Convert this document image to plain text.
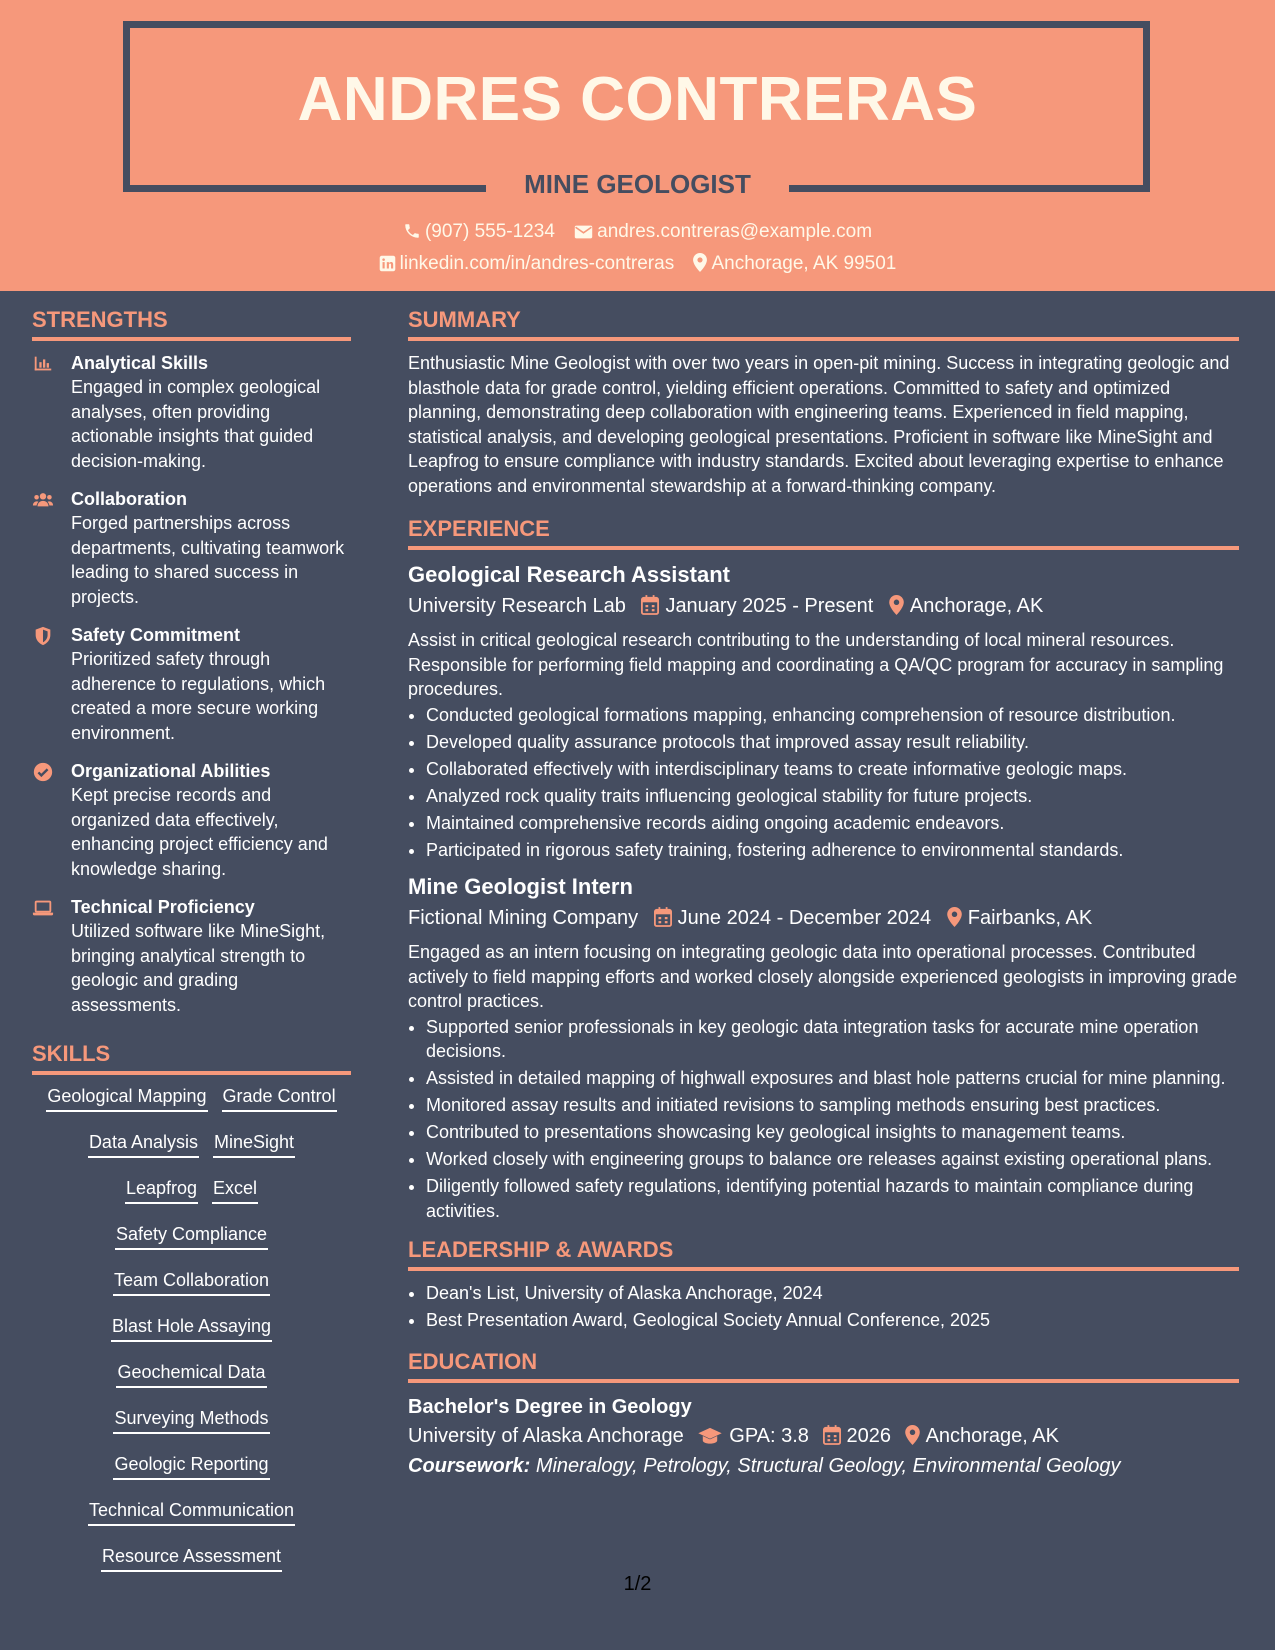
ANDRES CONTRERAS
MINE GEOLOGIST
(907) 555-1234 andres.contreras@example.com
linkedin.com/in/andres-contreras Anchorage, AK 99501
STRENGTHS
Analytical Skills
Engaged in complex geological analyses, often providing actionable insights that guided decision-making.
Collaboration
Forged partnerships across departments, cultivating teamwork leading to shared success in projects.
Safety Commitment
Prioritized safety through adherence to regulations, which created a more secure working environment.
Organizational Abilities
Kept precise records and organized data effectively, enhancing project efficiency and knowledge sharing.
Technical Proficiency
Utilized software like MineSight, bringing analytical strength to geologic and grading assessments.
SKILLS
Geological Mapping Grade Control
Data Analysis MineSight
Leapfrog Excel
Safety Compliance
Team Collaboration
Blast Hole Assaying
Geochemical Data
Surveying Methods
Geologic Reporting
Technical Communication
Resource Assessment
SUMMARY
Enthusiastic Mine Geologist with over two years in open-pit mining. Success in integrating geologic and blasthole data for grade control, yielding efficient operations. Committed to safety and optimized planning, demonstrating deep collaboration with engineering teams. Experienced in field mapping, statistical analysis, and developing geological presentations. Proficient in software like MineSight and Leapfrog to ensure compliance with industry standards. Excited about leveraging expertise to enhance operations and environmental stewardship at a forward-thinking company.
EXPERIENCE
Geological Research Assistant
University Research Lab January 2025 - Present Anchorage, AK
Assist in critical geological research contributing to the understanding of local mineral resources. Responsible for performing field mapping and coordinating a QA/QC program for accuracy in sampling procedures.
• Conducted geological formations mapping, enhancing comprehension of resource distribution.
• Developed quality assurance protocols that improved assay result reliability.
• Collaborated effectively with interdisciplinary teams to create informative geologic maps.
• Analyzed rock quality traits influencing geological stability for future projects.
• Maintained comprehensive records aiding ongoing academic endeavors.
• Participated in rigorous safety training, fostering adherence to environmental standards.
Mine Geologist Intern
Fictional Mining Company June 2024 - December 2024 Fairbanks, AK
Engaged as an intern focusing on integrating geologic data into operational processes. Contributed actively to field mapping efforts and worked closely alongside experienced geologists in improving grade control practices.
• Supported senior professionals in key geologic data integration tasks for accurate mine operation decisions.
• Assisted in detailed mapping of highwall exposures and blast hole patterns crucial for mine planning.
• Monitored assay results and initiated revisions to sampling methods ensuring best practices.
• Contributed to presentations showcasing key geological insights to management teams.
• Worked closely with engineering groups to balance ore releases against existing operational plans.
• Diligently followed safety regulations, identifying potential hazards to maintain compliance during activities.
LEADERSHIP & AWARDS
• Dean's List, University of Alaska Anchorage, 2024
• Best Presentation Award, Geological Society Annual Conference, 2025
EDUCATION
Bachelor's Degree in Geology
University of Alaska Anchorage GPA: 3.8 2026 Anchorage, AK
Coursework: Mineralogy, Petrology, Structural Geology, Environmental Geology
1/2
